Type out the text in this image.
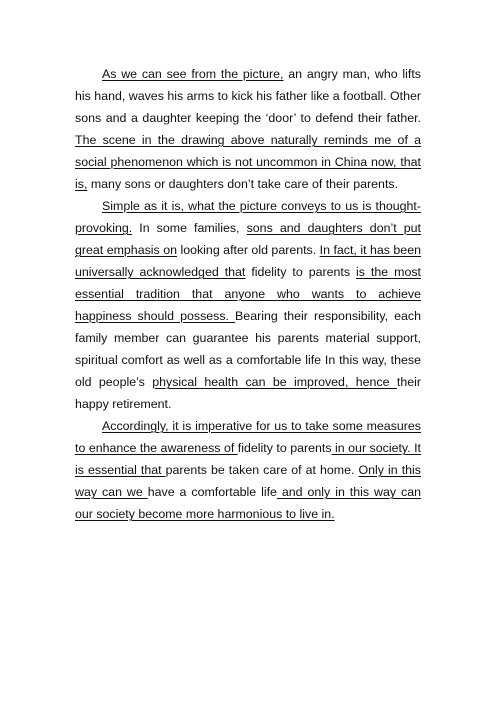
As we can see from the picture, an angry man, who lifts his hand, waves his arms to kick his father like a football. Other sons and a daughter keeping the ‘door’ to defend their father. The scene in the drawing above naturally reminds me of a social phenomenon which is not uncommon in China now, that is, many sons or daughters don’t take care of their parents.

Simple as it is, what the picture conveys to us is thought-provoking. In some families, sons and daughters don’t put great emphasis on looking after old parents. In fact, it has been universally acknowledged that fidelity to parents is the most essential tradition that anyone who wants to achieve happiness should possess. Bearing their responsibility, each family member can guarantee his parents material support, spiritual comfort as well as a comfortable life In this way, these old people’s physical health can be improved, hence their happy retirement.

Accordingly, it is imperative for us to take some measures to enhance the awareness of fidelity to parents in our society. It is essential that parents be taken care of at home. Only in this way can we have a comfortable life and only in this way can our society become more harmonious to live in.
